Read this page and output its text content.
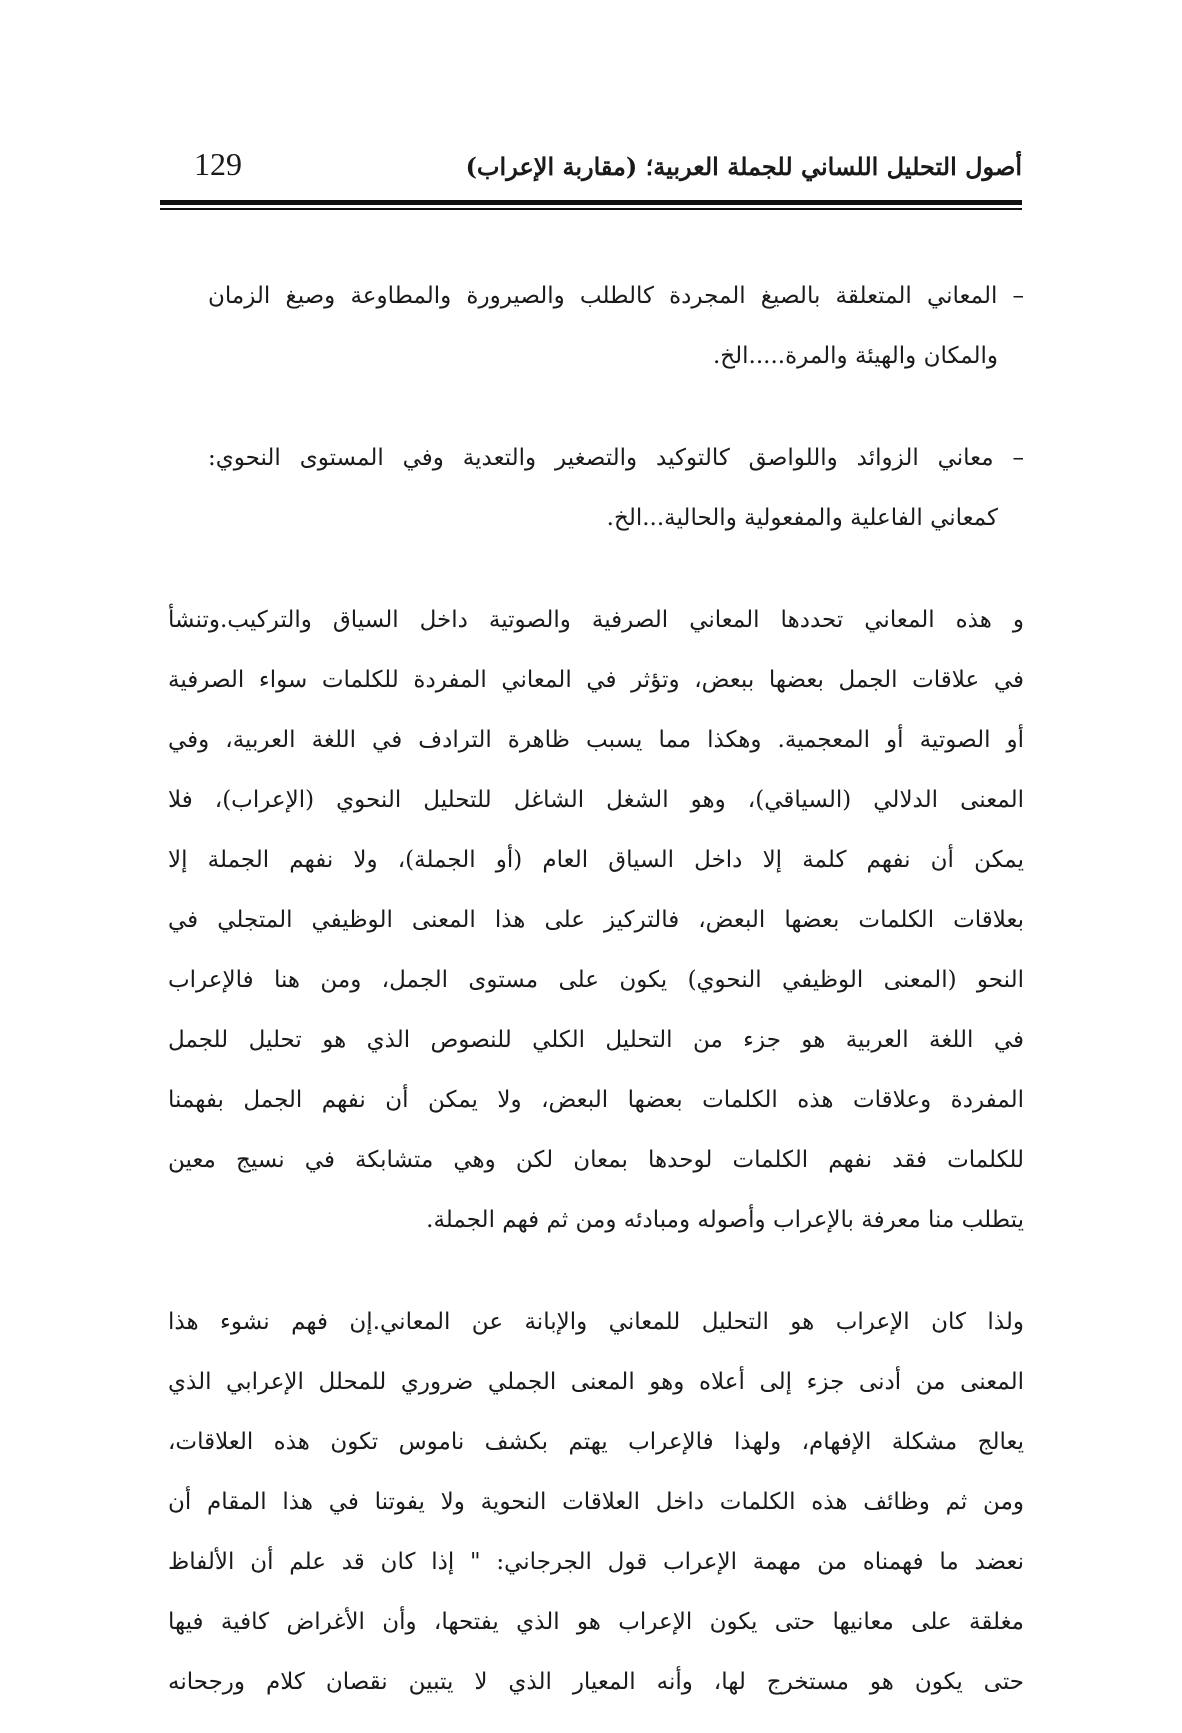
129	أصول التحليل اللساني للجملة العربية؛ (مقاربة الإعراب)
– المعاني المتعلقة بالصيغ المجردة كالطلب والصيرورة والمطاوعة وصيغ الزمان
والمكان والهيئة والمرة.....الخ.
– معاني الزوائد واللواصق كالتوكيد والتصغير والتعدية وفي المستوى النحوي:
كمعاني الفاعلية والمفعولية والحالية...الخ.
و هذه المعاني تحددها المعاني الصرفية والصوتية داخل السياق والتركيب.وتنشأ
في علاقات الجمل بعضها ببعض، وتؤثر في المعاني المفردة للكلمات سواء الصرفية
أو الصوتية أو المعجمية. وهكذا مما يسبب ظاهرة الترادف في اللغة العربية، وفي
المعنى الدلالي (السياقي)، وهو الشغل الشاغل للتحليل النحوي (الإعراب)، فلا
يمكن أن نفهم كلمة إلا داخل السياق العام (أو الجملة)، ولا نفهم الجملة إلا
بعلاقات الكلمات بعضها البعض، فالتركيز على هذا المعنى الوظيفي المتجلي في
النحو (المعنى الوظيفي النحوي) يكون على مستوى الجمل، ومن هنا فالإعراب
في اللغة العربية هو جزء من التحليل الكلي للنصوص الذي هو تحليل للجمل
المفردة وعلاقات هذه الكلمات بعضها البعض، ولا يمكن أن نفهم الجمل بفهمنا
للكلمات فقد نفهم الكلمات لوحدها بمعان لكن وهي متشابكة في نسيج معين
يتطلب منا معرفة بالإعراب وأصوله ومبادئه ومن ثم فهم الجملة.
ولذا كان الإعراب هو التحليل للمعاني والإبانة عن المعاني.إن فهم نشوء هذا
المعنى من أدنى جزء إلى أعلاه وهو المعنى الجملي ضروري للمحلل الإعرابي الذي
يعالج مشكلة الإفهام، ولهذا فالإعراب يهتم بكشف ناموس تكون هذه العلاقات،
ومن ثم وظائف هذه الكلمات داخل العلاقات النحوية ولا يفوتنا في هذا المقام أن
نعضد ما فهمناه من مهمة الإعراب قول الجرجاني: " إذا كان قد علم أن الألفاظ
مغلقة على معانيها حتى يكون الإعراب هو الذي يفتحها، وأن الأغراض كافية فيها
حتى يكون هو مستخرج لها، وأنه المعيار الذي لا يتبين نقصان كلام ورجحانه
